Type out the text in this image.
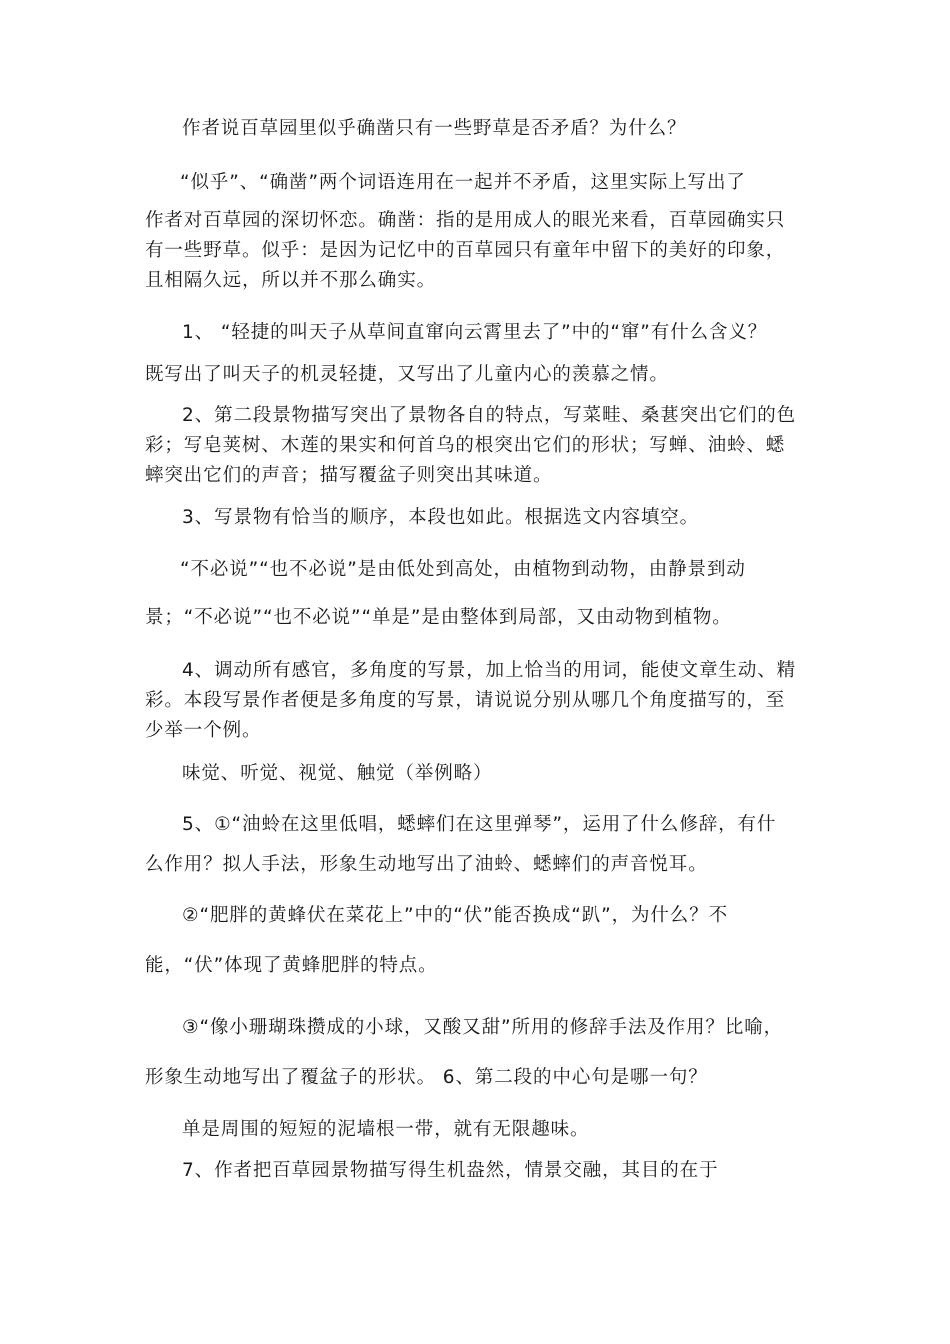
作者说百草园里似乎确凿只有一些野草是否矛盾？为什么？
“似乎”、“确凿”两个词语连用在一起并不矛盾，这里实际上写出了
作者对百草园的深切怀恋。确凿：指的是用成人的眼光来看，百草园确实只
有一些野草。似乎：是因为记忆中的百草园只有童年中留下的美好的印象，
且相隔久远，所以并不那么确实。
1、 “轻捷的叫天子从草间直窜向云霄里去了”中的“窜”有什么含义？
既写出了叫天子的机灵轻捷，又写出了儿童内心的羡慕之情。
2、第二段景物描写突出了景物各自的特点，写菜畦、桑葚突出它们的色
彩；写皂荚树、木莲的果实和何首乌的根突出它们的形状；写蝉、油蛉、蟋
蟀突出它们的声音；描写覆盆子则突出其味道。
3、写景物有恰当的顺序，本段也如此。根据选文内容填空。
“不必说”“也不必说”是由低处到高处，由植物到动物，由静景到动
景；“不必说”“也不必说”“单是”是由整体到局部，又由动物到植物。
4、调动所有感官，多角度的写景，加上恰当的用词，能使文章生动、精
彩。本段写景作者便是多角度的写景，请说说分别从哪几个角度描写的，至
少举一个例。
味觉、听觉、视觉、触觉（举例略）
5、①“油蛉在这里低唱，蟋蟀们在这里弹琴”，运用了什么修辞，有什
么作用？拟人手法，形象生动地写出了油蛉、蟋蟀们的声音悦耳。
②“肥胖的黄蜂伏在菜花上”中的“伏”能否换成“趴”，为什么？不
能，“伏”体现了黄蜂肥胖的特点。
③“像小珊瑚珠攒成的小球，又酸又甜”所用的修辞手法及作用？比喻，
形象生动地写出了覆盆子的形状。 6、第二段的中心句是哪一句？
单是周围的短短的泥墙根一带，就有无限趣味。
7、作者把百草园景物描写得生机盎然，情景交融，其目的在于
